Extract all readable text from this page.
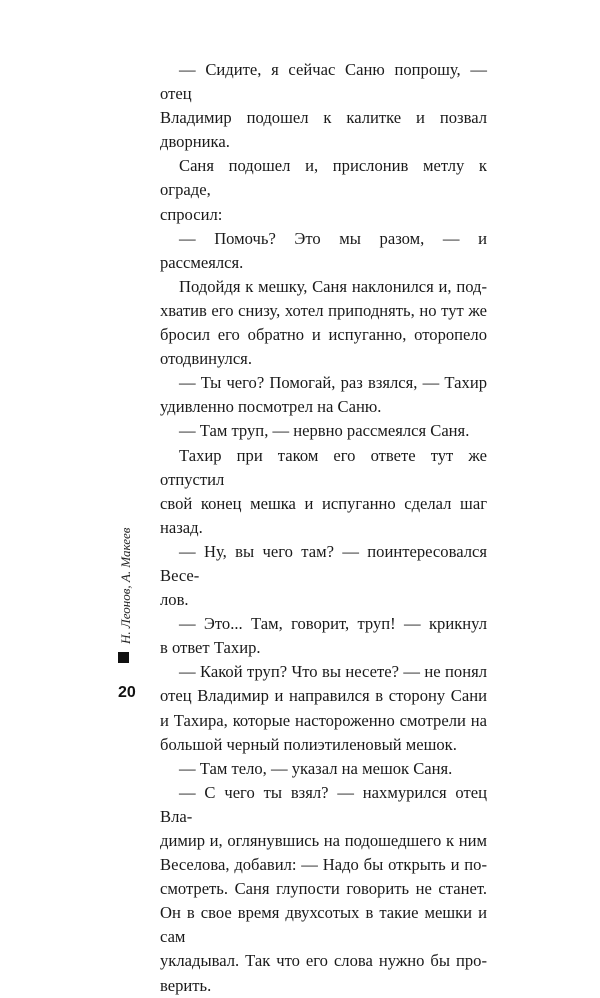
— Сидите, я сейчас Саню попрошу, — отец
Владимир подошел к калитке и позвал дворника.
Саня подошел и, прислонив метлу к ограде,
спросил:
— Помочь? Это мы разом, — и рассмеялся.
Подойдя к мешку, Саня наклонился и, под-
хватив его снизу, хотел приподнять, но тут же
бросил его обратно и испуганно, оторопело
отодвинулся.
— Ты чего? Помогай, раз взялся, — Тахир
удивленно посмотрел на Саню.
— Там труп, — нервно рассмеялся Саня.
Тахир при таком его ответе тут же отпустил
свой конец мешка и испуганно сделал шаг
назад.
— Ну, вы чего там? — поинтересовался Весе-
лов.
— Это... Там, говорит, труп! — крикнул
в ответ Тахир.
— Какой труп? Что вы несете? — не понял
отец Владимир и направился в сторону Сани
и Тахира, которые настороженно смотрели на
большой черный полиэтиленовый мешок.
— Там тело, — указал на мешок Саня.
— С чего ты взял? — нахмурился отец Вла-
димир и, оглянувшись на подошедшего к ним
Веселова, добавил: — Надо бы открыть и по-
смотреть. Саня глупости говорить не станет.
Он в свое время двухсотых в такие мешки и сам
укладывал. Так что его слова нужно бы про-
верить.
Н. Леонов, А. Макеев
20
